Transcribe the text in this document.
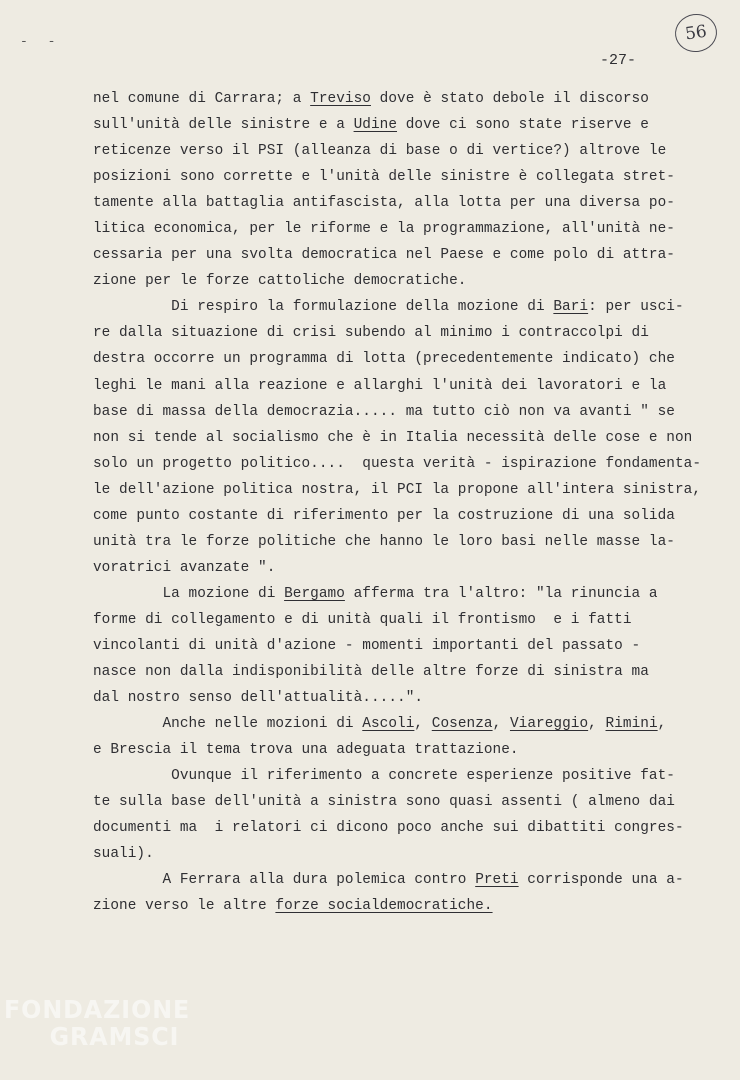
- -	56
-27-
nel comune di Carrara; a Treviso dove è stato debole il discorso
sull'unità delle sinistre e a Udine dove ci sono state riserve e
reticenze verso il PSI (alleanza di base o di vertice?) altrove le
posizioni sono corrette e l'unità delle sinistre è collegata stret-
tamente alla battaglia antifascista, alla lotta per una diversa po-
litica economica, per le riforme e la programmazione, all'unità ne-
cessaria per una svolta democratica nel Paese e come polo di attra-
zione per le forze cattoliche democratiche.
Di respiro la formulazione della mozione di Bari: per usci-
re dalla situazione di crisi subendo al minimo i contraccolpi di
destra occorre un programma di lotta (precedentemente indicato) che
leghi le mani alla reazione e allarghi l'unità dei lavoratori e la
base di massa della democrazia..... ma tutto ciò non va avanti " se
non si tende al socialismo che è in Italia necessità delle cose e non
solo un progetto politico....  questa verità - ispirazione fondamenta-
le dell'azione politica nostra, il PCI la propone all'intera sinistra,
come punto costante di riferimento per la costruzione di una solida
unità tra le forze politiche che hanno le loro basi nelle masse la-
voratrici avanzate ".
La mozione di Bergamo afferma tra l'altro: "la rinuncia a
forme di collegamento e di unità quali il frontismo  e i fatti
vincolanti di unità d'azione - momenti importanti del passato -
nasce non dalla indisponibilità delle altre forze di sinistra ma
dal nostro senso dell'attualità.....".
Anche nelle mozioni di Ascoli, Cosenza, Viareggio, Rimini,
e Brescia il tema trova una adeguata trattazione.
Ovunque il riferimento a concrete esperienze positive fat-
te sulla base dell'unità a sinistra sono quasi assenti ( almeno dai
documenti ma  i relatori ci dicono poco anche sui dibattiti congres-
suali).
A Ferrara alla dura polemica contro Preti corrisponde una a-
zione verso le altre forze socialdemocratiche.
FONDAZIONE
GRAMSCI
